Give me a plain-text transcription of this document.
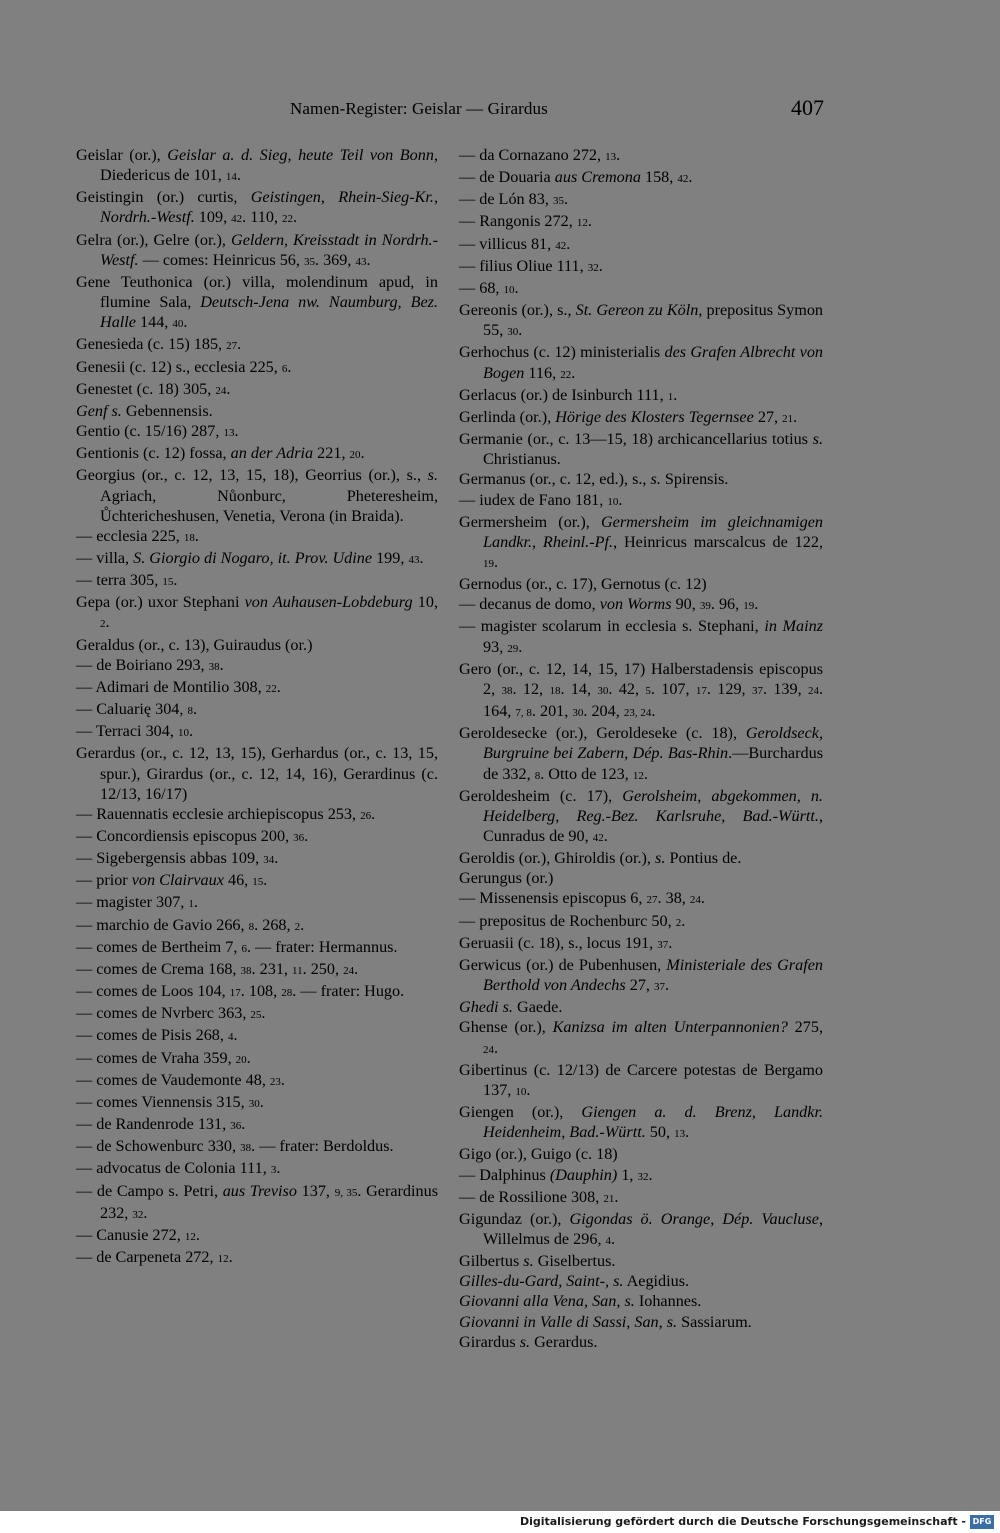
Namen-Register: Geislar — Girardus	407
Geislar (or.), Geislar a. d. Sieg, heute Teil von Bonn, Diedericus de 101, 14.
Geistingin (or.) curtis, Geistingen, Rhein-Sieg-Kr., Nordrh.-Westf. 109, 42. 110, 22.
Gelra (or.), Gelre (or.), Geldern, Kreisstadt in Nordrh.-Westf. — comes: Heinricus 56, 35. 369, 43.
Gene Teuthonica (or.) villa, molendinum apud, in flumine Sala, Deutsch-Jena nw. Naumburg, Bez. Halle 144, 40.
Genesieda (c. 15) 185, 27.
Genesii (c. 12) s., ecclesia 225, 6.
Genestet (c. 18) 305, 24.
Genf s. Gebennensis.
Gentio (c. 15/16) 287, 13.
Gentionis (c. 12) fossa, an der Adria 221, 20.
Georgius (or., c. 12, 13, 15, 18), Georrius (or.), s., s. Agriach, Nůonburc, Pheteresheim, Ůchtericheshusen, Venetia, Verona (in Braida).
— ecclesia 225, 18.
— villa, S. Giorgio di Nogaro, it. Prov. Udine 199, 43.
— terra 305, 15.
Gepa (or.) uxor Stephani von Auhausen-Lobdeburg 10, 2.
Geraldus (or., c. 13), Guiraudus (or.)
— de Boiriano 293, 38.
— Adimari de Montilio 308, 22.
— Caluarię 304, 8.
— Terraci 304, 10.
Gerardus (or., c. 12, 13, 15), Gerhardus (or., c. 13, 15, spur.), Girardus (or., c. 12, 14, 16), Gerardinus (c. 12/13, 16/17)
— Rauennatis ecclesie archiepiscopus 253, 26.
— Concordiensis episcopus 200, 36.
— Sigebergensis abbas 109, 34.
— prior von Clairvaux 46, 15.
— magister 307, 1.
— marchio de Gavio 266, 8. 268, 2.
— comes de Bertheim 7, 6. — frater: Hermannus.
— comes de Crema 168, 38. 231, 11. 250, 24.
— comes de Loos 104, 17. 108, 28. — frater: Hugo.
— comes de Nvrberc 363, 25.
— comes de Pisis 268, 4.
— comes de Vraha 359, 20.
— comes de Vaudemonte 48, 23.
— comes Viennensis 315, 30.
— de Randenrode 131, 36.
— de Schowenburc 330, 38. — frater: Berdoldus.
— advocatus de Colonia 111, 3.
— de Campo s. Petri, aus Treviso 137, 9, 35. Gerardinus 232, 32.
— Canusie 272, 12.
— de Carpeneta 272, 12.
— da Cornazano 272, 13.
— de Douaria aus Cremona 158, 42.
— de Lón 83, 35.
— Rangonis 272, 12.
— villicus 81, 42.
— filius Oliue 111, 32.
— 68, 10.
Gereonis (or.), s., St. Gereon zu Köln, prepositus Symon 55, 30.
Gerhochus (c. 12) ministerialis des Grafen Albrecht von Bogen 116, 22.
Gerlacus (or.) de Isinburch 111, 1.
Gerlinda (or.), Hörige des Klosters Tegernsee 27, 21.
Germanie (or., c. 13—15, 18) archicancellarius totius s. Christianus.
Germanus (or., c. 12, ed.), s., s. Spirensis.
— iudex de Fano 181, 10.
Germersheim (or.), Germersheim im gleichnamigen Landkr., Rheinl.-Pf., Heinricus marscalcus de 122, 19.
Gernodus (or., c. 17), Gernotus (c. 12)
— decanus de domo, von Worms 90, 39. 96, 19.
— magister scolarum in ecclesia s. Stephani, in Mainz 93, 29.
Gero (or., c. 12, 14, 15, 17) Halberstadensis episcopus 2, 38. 12, 18. 14, 30. 42, 5. 107, 17. 129, 37. 139, 24. 164, 7, 8. 201, 30. 204, 23, 24.
Geroldesecke (or.), Geroldeseke (c. 18), Geroldseck, Burgruine bei Zabern, Dép. Bas-Rhin.—Burchardus de 332, 8. Otto de 123, 12.
Geroldesheim (c. 17), Gerolsheim, abgekommen, n. Heidelberg, Reg.-Bez. Karlsruhe, Bad.-Württ., Cunradus de 90, 42.
Geroldis (or.), Ghiroldis (or.), s. Pontius de.
Gerungus (or.)
— Missenensis episcopus 6, 27. 38, 24.
— prepositus de Rochenburc 50, 2.
Geruasii (c. 18), s., locus 191, 37.
Gerwicus (or.) de Pubenhusen, Ministeriale des Grafen Berthold von Andechs 27, 37.
Ghedi s. Gaede.
Ghense (or.), Kanizsa im alten Unterpannonien? 275, 24.
Gibertinus (c. 12/13) de Carcere potestas de Bergamo 137, 10.
Giengen (or.), Giengen a. d. Brenz, Landkr. Heidenheim, Bad.-Württ. 50, 13.
Gigo (or.), Guigo (c. 18)
— Dalphinus (Dauphin) 1, 32.
— de Rossilione 308, 21.
Gigundaz (or.), Gigondas ö. Orange, Dép. Vaucluse, Willelmus de 296, 4.
Gilbertus s. Giselbertus.
Gilles-du-Gard, Saint-, s. Aegidius.
Giovanni alla Vena, San, s. Iohannes.
Giovanni in Valle di Sassi, San, s. Sassiarum.
Girardus s. Gerardus.
Digitalisierung gefördert durch die Deutsche Forschungsgemeinschaft - DFG
